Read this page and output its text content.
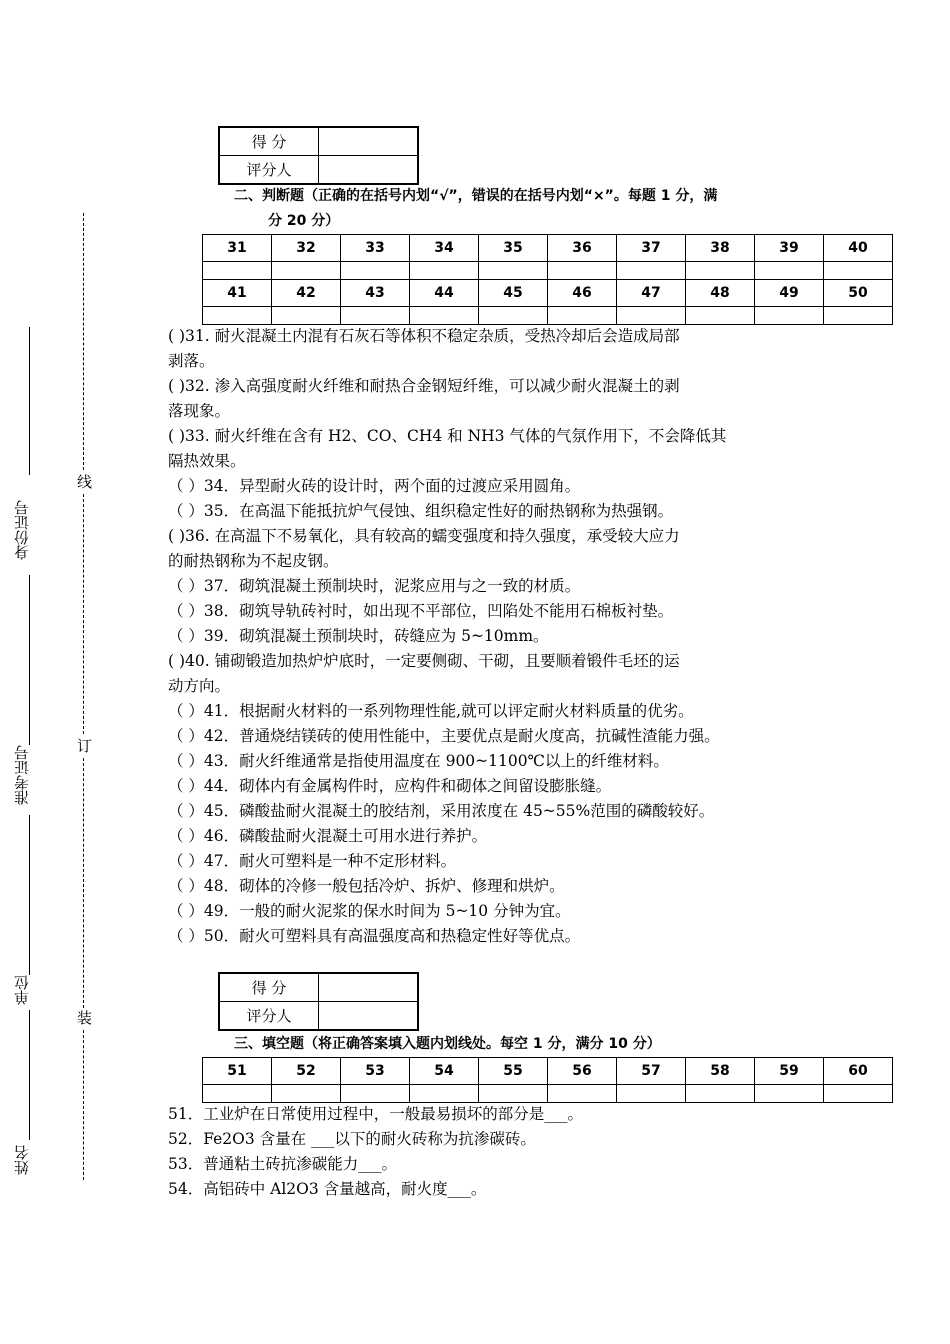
身份证号
准考证号
单位
姓名
线
订
装
得 分	
评分人	
二、判断题（正确的在括号内划“√”，错误的在括号内划“×”。每题 1 分，满
分 20 分）
31	32	33	34	35	36	37	38	39	40

41	42	43	44	45	46	47	48	49	50

( )31. 耐火混凝土内混有石灰石等体积不稳定杂质，受热冷却后会造成局部
剥落。
( )32. 渗入高强度耐火纤维和耐热合金钢短纤维，可以减少耐火混凝土的剥
落现象。
( )33. 耐火纤维在含有 H2、CO、CH4 和 NH3 气体的气氛作用下，不会降低其
隔热效果。
（ ）34．异型耐火砖的设计时，两个面的过渡应采用圆角。
（ ）35．在高温下能抵抗炉气侵蚀、组织稳定性好的耐热钢称为热强钢。
( )36. 在高温下不易氧化，具有较高的蠕变强度和持久强度，承受较大应力
的耐热钢称为不起皮钢。
（ ）37．砌筑混凝土预制块时，泥浆应用与之一致的材质。
（ ）38．砌筑导轨砖衬时，如出现不平部位，凹陷处不能用石棉板衬垫。
（ ）39．砌筑混凝土预制块时，砖缝应为 5~10mm。
( )40. 铺砌锻造加热炉炉底时，一定要侧砌、干砌，且要顺着锻件毛坯的运
动方向。
（ ）41．根据耐火材料的一系列物理性能,就可以评定耐火材料质量的优劣。
（ ）42．普通烧结镁砖的使用性能中，主要优点是耐火度高，抗碱性渣能力强。
（ ）43．耐火纤维通常是指使用温度在 900~1100℃以上的纤维材料。
（ ）44．砌体内有金属构件时，应构件和砌体之间留设膨胀缝。
（ ）45．磷酸盐耐火混凝土的胶结剂，采用浓度在 45~55%范围的磷酸较好。
（ ）46．磷酸盐耐火混凝土可用水进行养护。
（ ）47．耐火可塑料是一种不定形材料。
（ ）48．砌体的冷修一般包括冷炉、拆炉、修理和烘炉。
（ ）49．一般的耐火泥浆的保水时间为 5~10 分钟为宜。
（ ）50．耐火可塑料具有高温强度高和热稳定性好等优点。
得 分	
评分人	
三、填空题（将正确答案填入题内划线处。每空 1 分，满分 10 分）
51	52	53	54	55	56	57	58	59	60

51．工业炉在日常使用过程中，一般最易损坏的部分是___。
52．Fe2O3 含量在 ___以下的耐火砖称为抗渗碳砖。
53．普通粘土砖抗渗碳能力___。
54．高铝砖中 Al2O3 含量越高，耐火度___。
